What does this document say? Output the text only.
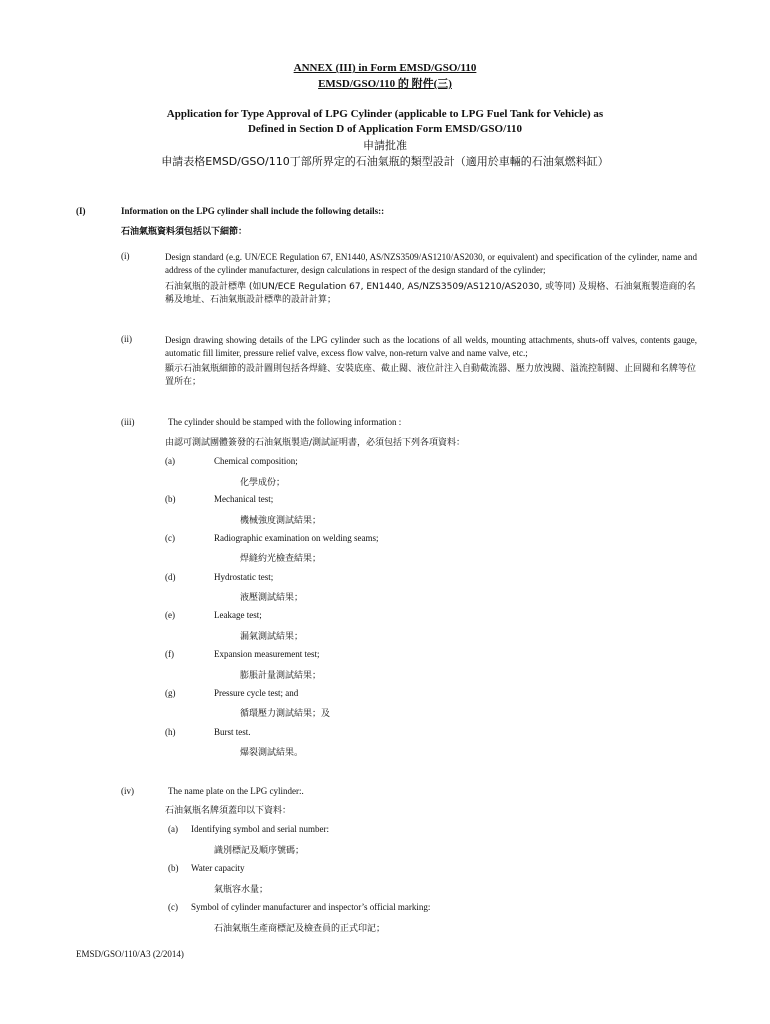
ANNEX (III) in Form EMSD/GSO/110
EMSD/GSO/110 的 附件(三)
Application for Type Approval of LPG Cylinder (applicable to LPG Fuel Tank for Vehicle) as
Defined in Section D of Application Form EMSD/GSO/110
申請批准
申請表格EMSD/GSO/110丁部所界定的石油氣瓶的類型設計（適用於車輛的石油氣燃料缸）
(I)	Information on the LPG cylinder shall include the following details::
石油氣瓶資料須包括以下細節：
(i)	Design standard (e.g. UN/ECE Regulation 67, EN1440, AS/NZS3509/AS1210/AS2030, or equivalent) and specification of the cylinder, name and address of the cylinder manufacturer, design calculations in respect of the design standard of the cylinder;
石油氣瓶的設計標準 (如UN/ECE Regulation 67, EN1440, AS/NZS3509/AS1210/AS2030, 或等同) 及規格、石油氣瓶製造商的名稱及地址、石油氣瓶設計標準的設計計算；
(ii)	Design drawing showing details of the LPG cylinder such as the locations of all welds, mounting attachments, shuts-off valves, contents gauge, automatic fill limiter, pressure relief valve, excess flow valve, non-return valve and name valve, etc.;
顯示石油氣瓶細節的設計圖則包括各焊縫、安裝底座、截止閥、液位計注入自動截流器、壓力放洩閥、溢流控制閥、止回閥和名牌等位置所在；
(iii)	The cylinder should be stamped with the following information :
由認可測試團體簽發的石油氣瓶製造/測試証明書，必須包括下列各項資料：
(a)	Chemical composition;
化學成份；
(b)	Mechanical test;
機械強度測試結果；
(c)	Radiographic examination on welding seams;
焊縫約光檢查結果；
(d)	Hydrostatic test;
液壓測試結果；
(e)	Leakage test;
漏氣測試結果；
(f)	Expansion measurement test;
膨脹計量測試結果；
(g)	Pressure cycle test; and
循環壓力測試結果；及
(h)	Burst test.
爆裂測試結果。
(iv)	The name plate on the LPG cylinder:.
石油氣瓶名牌須蓋印以下資料：
(a) Identifying symbol and serial number:
識別標記及順序號碼；
(b) Water capacity
氣瓶容水量；
(c) Symbol of cylinder manufacturer and inspector’s official marking:
石油氣瓶生產商標記及檢查員的正式印記；
EMSD/GSO/110/A3 (2/2014)
